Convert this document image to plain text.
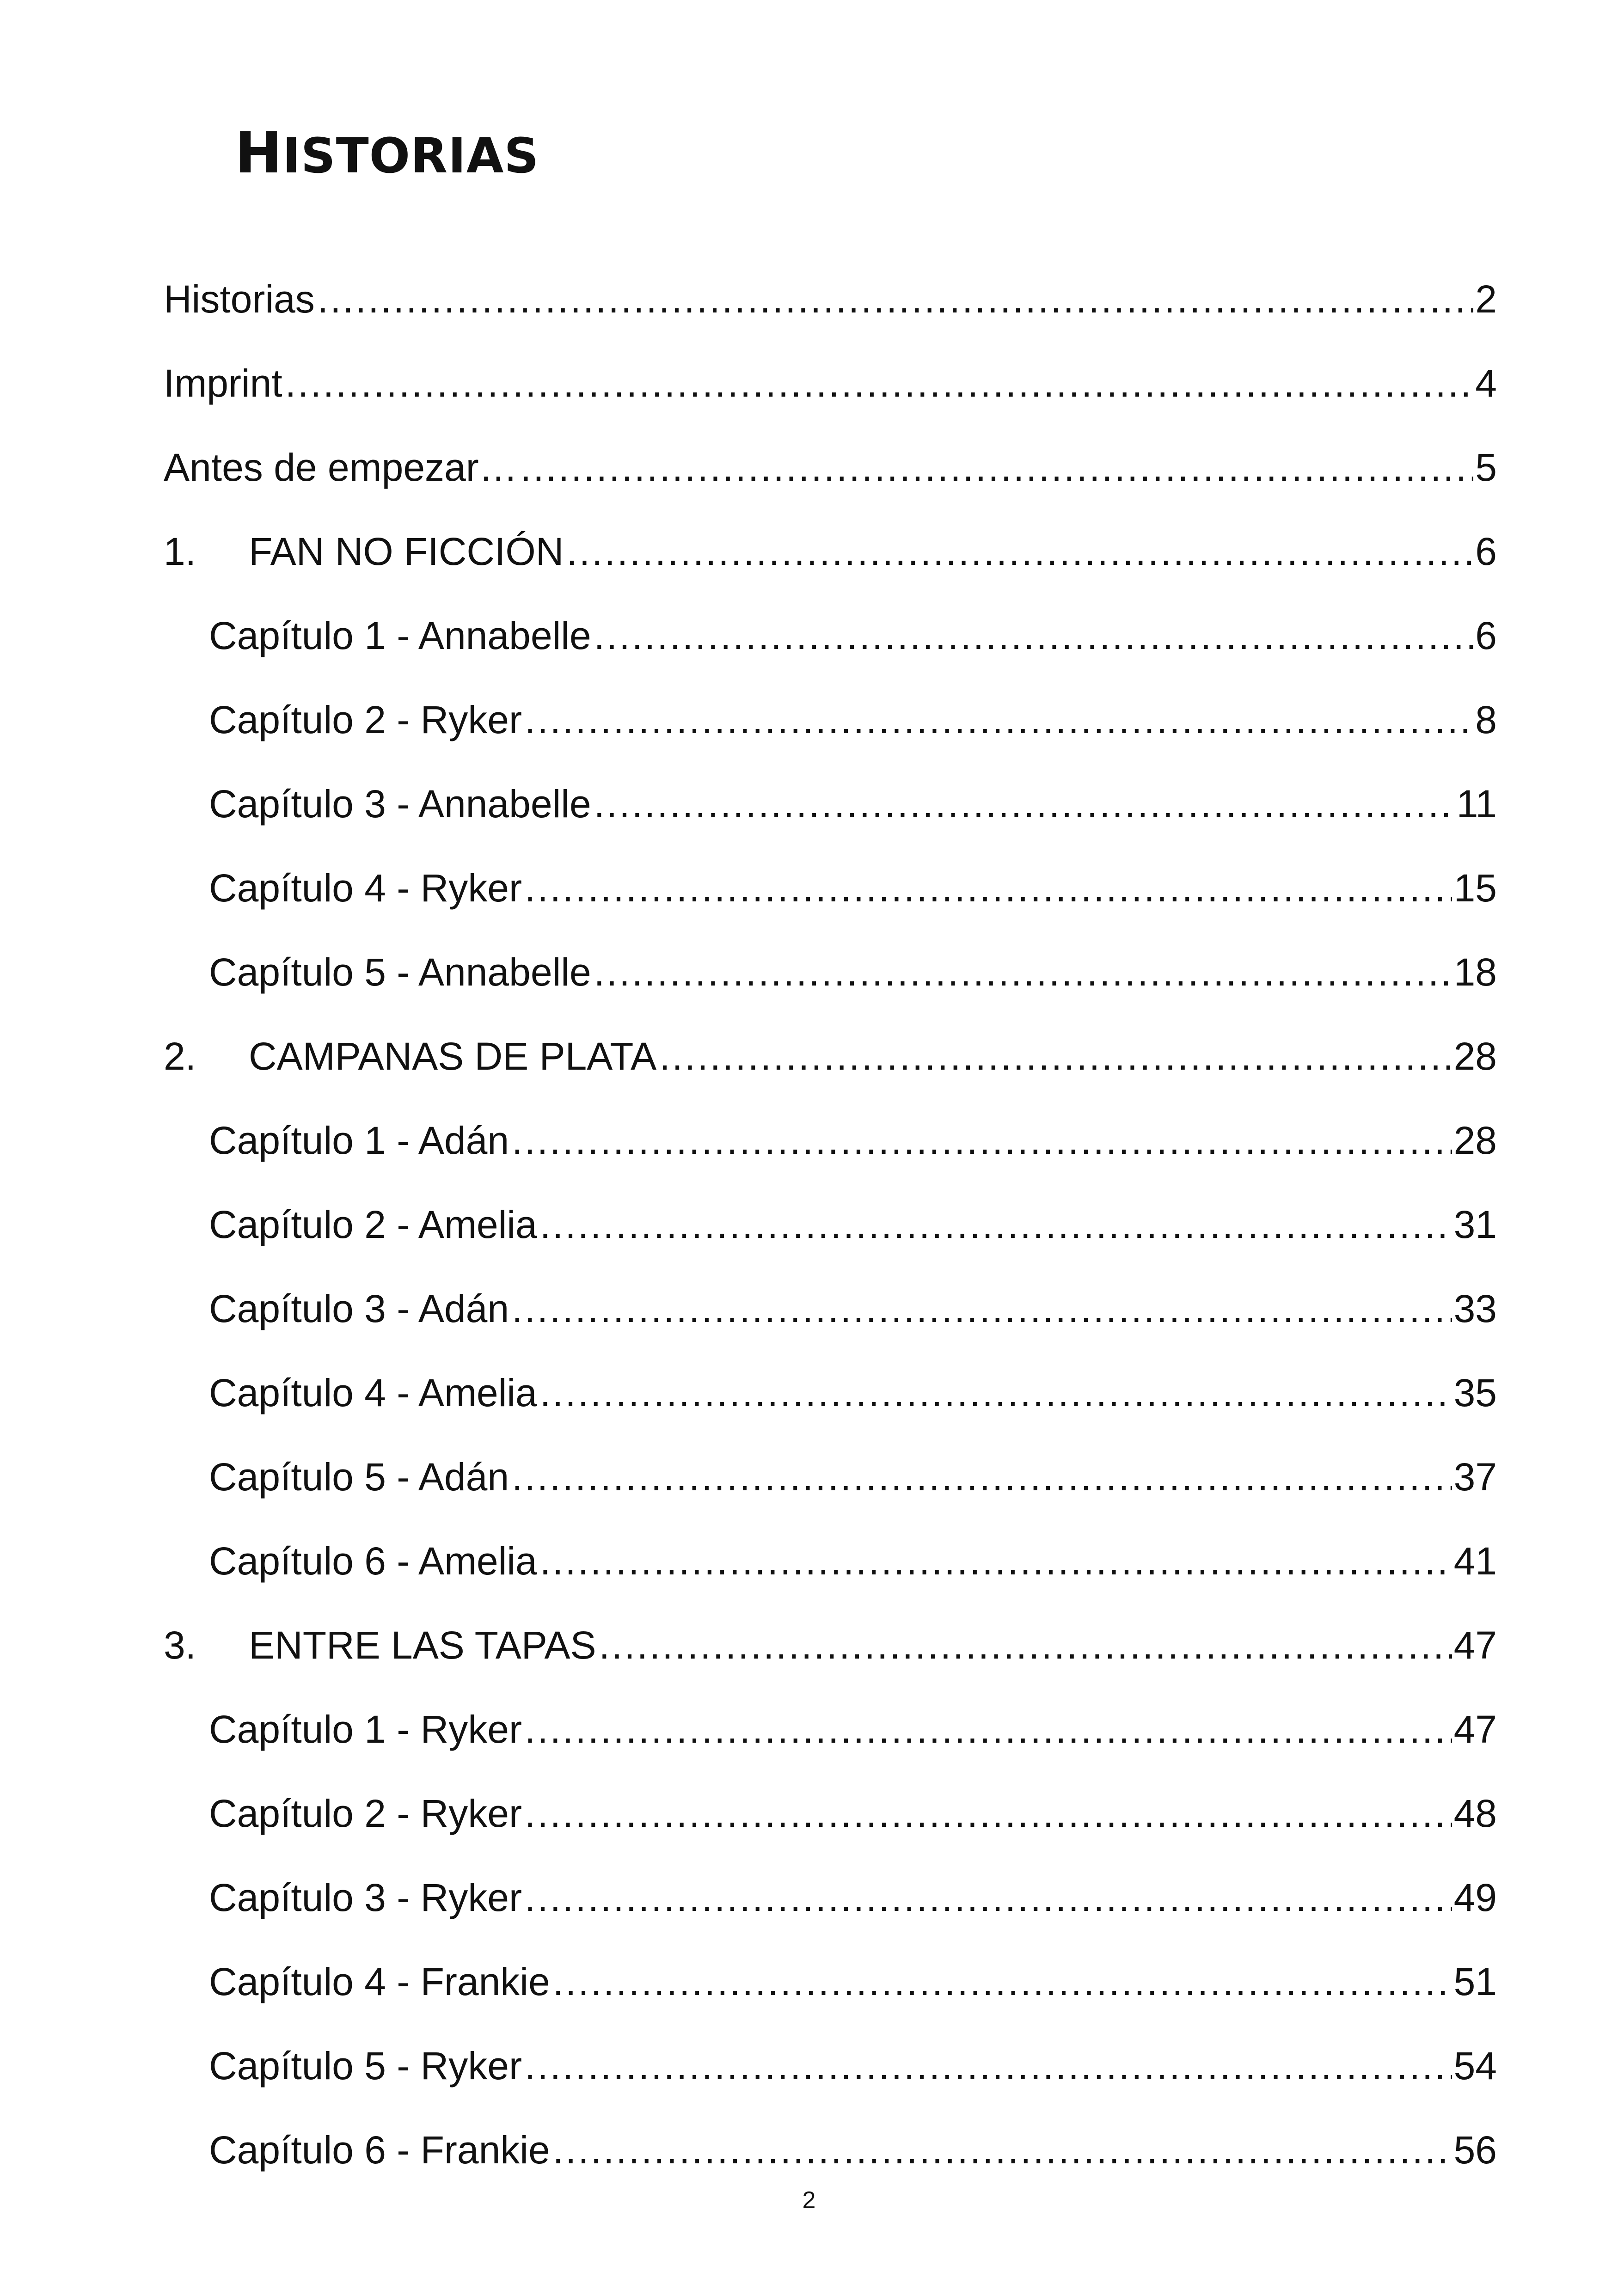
HISTORIAS
Historias .....	2
Imprint .....	4
Antes de empezar… .....	5
1.	FAN NO FICCIÓN .....	6
Capítulo 1 - Annabelle .....	6
Capítulo 2 - Ryker .....	8
Capítulo 3 - Annabelle .....	11
Capítulo 4 - Ryker .....	15
Capítulo 5 - Annabelle .....	18
2.	CAMPANAS DE PLATA .....	28
Capítulo 1 - Adán .....	28
Capítulo 2 - Amelia .....	31
Capítulo 3 - Adán .....	33
Capítulo 4 - Amelia .....	35
Capítulo 5 - Adán .....	37
Capítulo 6 - Amelia .....	41
3.	ENTRE LAS TAPAS .....	47
Capítulo 1 - Ryker .....	47
Capítulo 2 - Ryker .....	48
Capítulo 3 - Ryker .....	49
Capítulo 4 - Frankie .....	51
Capítulo 5 - Ryker .....	54
Capítulo 6 - Frankie .....	56
2
